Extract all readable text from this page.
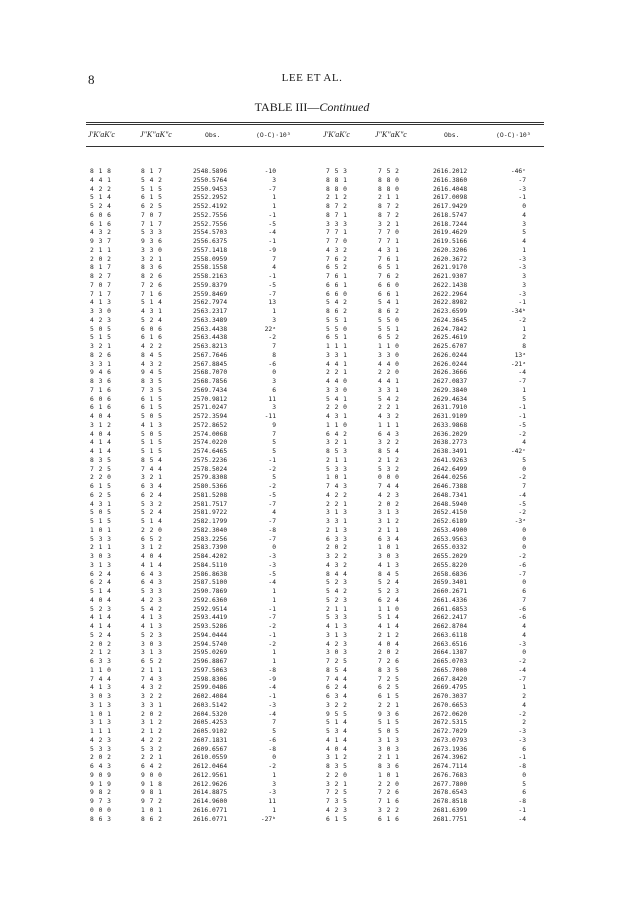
8	LEE ET AL.
TABLE III—Continued
J'K'aK'c	J"K"aK"c	Obs.	(O-C)·10³	J'K'aK'c	J"K"aK"c	Obs.	(O-C)·10³
8 1 8	8 1 7	2548.5896	-10	7 5 3	7 5 2	2616.2012	-46ᶜ
4 4 1	5 4 2	2550.5764	3	8 8 1	8 8 0	2616.3860	-7
4 2 2	5 1 5	2550.9453	-7	8 8 0	8 8 0	2616.4048	-3
5 1 4	6 1 5	2552.2952	1	2 1 2	2 1 1	2617.0098	-1
5 2 4	6 2 5	2552.4192	1	8 7 2	8 7 2	2617.9429	0
6 0 6	7 0 7	2552.7556	-1	8 7 1	8 7 2	2618.5747	4
6 1 6	7 1 7	2552.7556	-5	3 3 3	3 2 1	2618.7244	3
4 3 2	5 3 3	2554.5703	-4	7 7 1	7 7 0	2619.4629	5
9 3 7	9 3 6	2556.6375	-1	7 7 0	7 7 1	2619.5166	4
2 1 1	3 3 0	2557.1418	-9	4 3 2	4 3 1	2620.3206	1
2 0 2	3 2 1	2558.0959	7	7 6 2	7 6 1	2620.3672	-3
8 1 7	8 3 6	2558.1558	4	6 5 2	6 5 1	2621.9170	-3
8 2 7	8 2 6	2558.2163	-1	7 6 1	7 6 2	2621.9307	3
7 0 7	7 2 6	2559.8379	-5	6 6 1	6 6 0	2622.1438	3
7 1 7	7 1 6	2559.8469	-7	6 6 0	6 6 1	2622.2964	-3
4 1 3	5 1 4	2562.7974	13	5 4 2	5 4 1	2622.8982	-1
3 3 0	4 3 1	2563.2317	1	8 6 2	8 6 2	2623.6599	-34ᵇ
4 2 3	5 2 4	2563.3489	3	5 5 1	5 5 0	2624.3645	-2
5 0 5	6 0 6	2563.4438	22ᵃ	5 5 0	5 5 1	2624.7842	1
5 1 5	6 1 6	2563.4438	-2	6 5 1	6 5 2	2625.4619	2
3 2 1	4 2 2	2563.8213	7	1 1 1	1 1 0	2625.6707	8
8 2 6	8 4 5	2567.7646	8	3 3 1	3 3 0	2626.0244	13ᵃ
3 3 1	4 3 2	2567.8845	-6	4 4 1	4 4 0	2626.0244	-21ᵃ
9 4 6	9 4 5	2568.7070	0	2 2 1	2 2 0	2626.3666	-4
8 3 6	8 3 5	2568.7856	3	4 4 0	4 4 1	2627.0837	-7
7 1 6	7 3 5	2569.7434	6	3 3 0	3 3 1	2629.3840	1
6 0 6	6 1 5	2570.9812	11	5 4 1	5 4 2	2629.4634	5
6 1 6	6 1 5	2571.0247	3	2 2 0	2 2 1	2631.7910	-1
4 0 4	5 0 5	2572.3594	-11	4 3 1	4 3 2	2631.9109	-1
3 1 2	4 1 3	2572.8652	9	1 1 0	1 1 1	2633.9868	-5
4 0 4	5 0 5	2574.0068	7	6 4 2	6 4 3	2636.2029	-2
4 1 4	5 1 5	2574.0220	5	3 2 1	3 2 2	2638.2773	4
4 1 4	5 1 5	2574.6465	5	8 5 3	8 5 4	2638.3491	-42ᶜ
8 3 5	8 5 4	2575.2236	-1	2 1 1	2 1 2	2641.9263	5
7 2 5	7 4 4	2578.5024	-2	5 3 3	5 3 2	2642.6499	0
2 2 0	3 2 1	2579.8308	5	1 0 1	0 0 0	2644.0256	-2
6 1 5	6 3 4	2580.5366	-2	7 4 3	7 4 4	2646.7388	7
6 2 5	6 2 4	2581.5208	-5	4 2 2	4 2 3	2648.7341	-4
4 3 1	5 3 2	2581.7517	-7	2 2 1	2 0 2	2648.5940	-5
5 0 5	5 2 4	2581.9722	4	3 1 3	3 1 3	2652.4150	-2
5 1 5	5 1 4	2582.1799	-7	3 3 1	3 1 2	2652.6189	-3ᵃ
1 0 1	2 2 0	2582.3040	-8	2 1 3	2 1 1	2653.4900	0
5 3 3	6 5 2	2583.2256	-7	6 3 3	6 3 4	2653.9563	0
2 1 1	3 1 2	2583.7390	0	2 0 2	1 0 1	2655.0332	0
3 0 3	4 0 4	2584.4202	-3	3 2 2	3 0 3	2655.2029	-2
3 1 3	4 1 4	2584.5110	-3	4 3 2	4 1 3	2655.8220	-6
6 2 4	6 4 3	2586.8638	-5	8 4 4	8 4 5	2658.6836	-7
6 2 4	6 4 3	2587.5100	-4	5 2 3	5 2 4	2659.3401	0
5 1 4	5 3 3	2590.7869	1	5 4 2	5 2 3	2660.2671	6
4 0 4	4 2 3	2592.6360	1	5 2 3	6 2 4	2661.4336	7
5 2 3	5 4 2	2592.9514	-1	2 1 1	1 1 0	2661.6853	-6
4 1 4	4 1 3	2593.4419	-7	5 3 3	5 1 4	2662.2417	-6
4 1 4	4 1 3	2593.5286	-2	4 1 3	4 1 4	2662.8704	4
5 2 4	5 2 3	2594.0444	-1	3 1 3	2 1 2	2663.6118	4
2 0 2	3 0 3	2594.5740	-2	4 2 3	4 0 4	2663.6516	-3
2 1 2	3 1 3	2595.0269	1	3 0 3	2 0 2	2664.1387	0
6 3 3	6 5 2	2596.8867	1	7 2 5	7 2 6	2665.0703	-2
1 1 0	2 1 1	2597.5063	-8	8 5 4	8 3 5	2665.7000	-4
7 4 4	7 4 3	2598.8306	-9	7 4 4	7 2 5	2667.8420	-7
4 1 3	4 3 2	2599.0486	-4	6 2 4	6 2 5	2669.4795	1
3 0 3	3 2 2	2602.4084	-1	6 3 4	6 1 5	2670.3037	2
3 1 3	3 3 1	2603.5142	-3	3 2 2	2 2 1	2670.6653	4
1 0 1	2 0 2	2604.5320	-4	9 5 5	9 3 6	2672.0620	-2
3 1 3	3 1 2	2605.4253	7	5 1 4	5 1 5	2672.5315	2
1 1 1	2 1 2	2605.9102	5	5 3 4	5 0 5	2672.7029	-3
4 2 3	4 2 2	2607.1831	-6	4 1 4	3 1 3	2673.0793	-3
5 3 3	5 3 2	2609.6567	-8	4 0 4	3 0 3	2673.1936	6
2 0 2	2 2 1	2610.0559	0	3 1 2	2 1 1	2674.3962	-1
6 4 3	6 4 2	2612.0464	-2	8 3 5	8 3 6	2674.7114	-8
9 0 9	9 0 0	2612.9561	1	2 2 0	1 0 1	2676.7683	0
9 1 9	9 1 8	2612.9626	3	3 2 1	2 2 0	2677.7800	5
9 8 2	9 8 1	2614.8875	-3	7 2 5	7 2 6	2678.6543	6
9 7 3	9 7 2	2614.9600	11	7 3 5	7 1 6	2678.8518	-8
0 0 0	1 0 1	2616.0771	1	4 2 3	3 2 2	2681.6399	-1
8 6 3	8 6 2	2616.0771	-27ᵇ	6 1 5	6 1 6	2681.7751	-4
